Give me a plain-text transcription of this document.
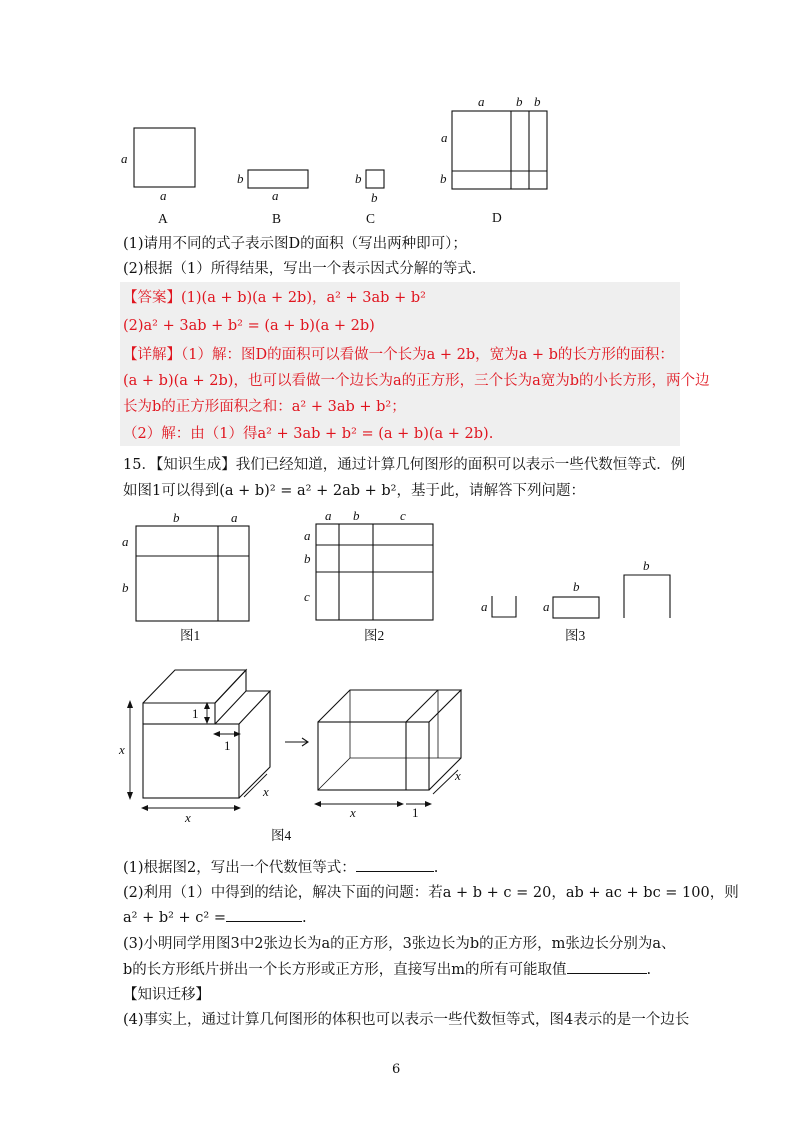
a
a
A
b
a
B
b
b
C
a b b
a
b
D
b	a
a
b
图1
a b	c
a
b
c
图2
a
b
a
b
图3
1
1
x
x
x
x
x
1
图4
(1)请用不同的式子表示图D的面积（写出两种即可）；
(2)根据（1）所得结果，写出一个表示因式分解的等式.
【答案】(1)(a + b)(a + 2b)，a² + 3ab + b²
(2)a² + 3ab + b² = (a + b)(a + 2b)
【详解】（1）解：图D的面积可以看做一个长为a + 2b，宽为a + b的长方形的面积：
(a + b)(a + 2b)，也可以看做一个边长为a的正方形，三个长为a宽为b的小长方形，两个边
长为b的正方形面积之和：a² + 3ab + b²；
（2）解：由（1）得a² + 3ab + b² = (a + b)(a + 2b).
15．【知识生成】我们已经知道，通过计算几何图形的面积可以表示一些代数恒等式．例
如图1可以得到(a + b)² = a² + 2ab + b²，基于此，请解答下列问题：
(1)根据图2，写出一个代数恒等式：	.
(2)利用（1）中得到的结论，解决下面的问题：若a + b + c = 20，ab + ac + bc = 100，则
a² + b² + c² =	.
(3)小明同学用图3中2张边长为a的正方形，3张边长为b的正方形，m张边长分别为a、
b的长方形纸片拼出一个长方形或正方形，直接写出m的所有可能取值	.
【知识迁移】
(4)事实上，通过计算几何图形的体积也可以表示一些代数恒等式，图4表示的是一个边长
6
